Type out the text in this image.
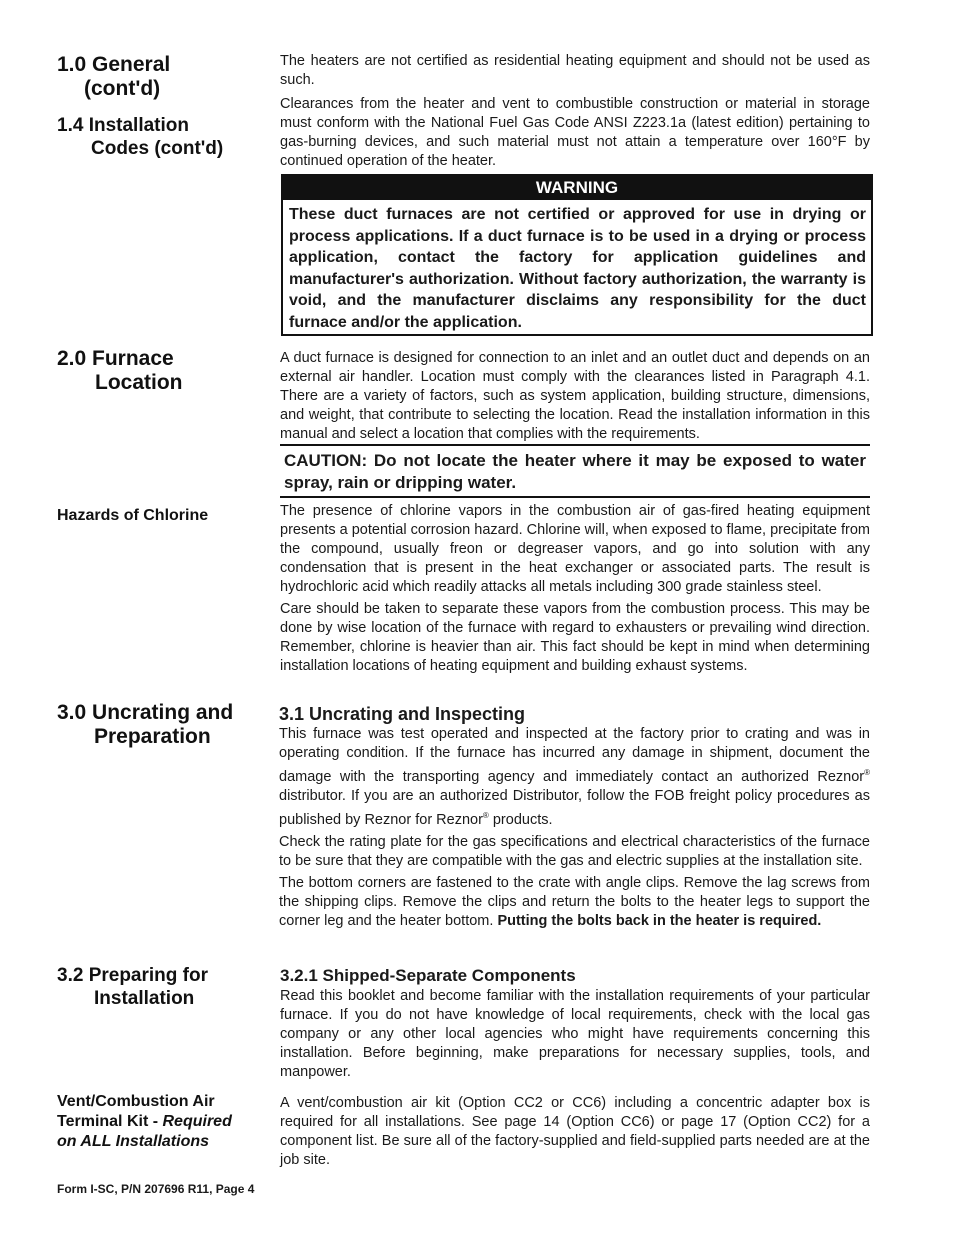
1.0 General
(cont'd)
1.4 Installation
Codes (cont'd)
2.0 Furnace
Location
Hazards of Chlorine
3.0 Uncrating and
Preparation
3.2 Preparing for
Installation
Vent/Combustion Air
Terminal Kit - Required
on ALL Installations

The heaters are not certified as residential heating equipment and should not be used as such.

Clearances from the heater and vent to combustible construction or material in storage must conform with the National Fuel Gas Code ANSI Z223.1a (latest edition) pertaining to gas-burning devices, and such material must not attain a temperature over 160°F by continued operation of the heater.

WARNING

These duct furnaces are not certified or approved for use in drying or process applications. If a duct furnace is to be used in a drying or process application, contact the factory for application guidelines and manufacturer's authorization. Without factory authorization, the warranty is void, and the manufacturer disclaims any responsibility for the duct furnace and/or the application.

A duct furnace is designed for connection to an inlet and an outlet duct and depends on an external air handler. Location must comply with the clearances listed in Paragraph 4.1. There are a variety of factors, such as system application, building structure, dimensions, and weight, that contribute to selecting the location. Read the installation information in this manual and select a location that complies with the requirements.

CAUTION: Do not locate the heater where it may be exposed to water spray, rain or dripping water.

The presence of chlorine vapors in the combustion air of gas-fired heating equipment presents a potential corrosion hazard. Chlorine will, when exposed to flame, precipitate from the compound, usually freon or degreaser vapors, and go into solution with any condensation that is present in the heat exchanger or associated parts. The result is hydrochloric acid which readily attacks all metals including 300 grade stainless steel.

Care should be taken to separate these vapors from the combustion process. This may be done by wise location of the furnace with regard to exhausters or prevailing wind direction. Remember, chlorine is heavier than air. This fact should be kept in mind when determining installation locations of heating equipment and building exhaust systems.

3.1 Uncrating and Inspecting

This furnace was test operated and inspected at the factory prior to crating and was in operating condition. If the furnace has incurred any damage in shipment, document the damage with the transporting agency and immediately contact an authorized Reznor® distributor. If you are an authorized Distributor, follow the FOB freight policy procedures as published by Reznor for Reznor® products.

Check the rating plate for the gas specifications and electrical characteristics of the furnace to be sure that they are compatible with the gas and electric supplies at the installation site.

The bottom corners are fastened to the crate with angle clips. Remove the lag screws from the shipping clips. Remove the clips and return the bolts to the heater legs to support the corner leg and the heater bottom. Putting the bolts back in the heater is required.

3.2.1 Shipped-Separate Components

Read this booklet and become familiar with the installation requirements of your particular furnace. If you do not have knowledge of local requirements, check with the local gas company or any other local agencies who might have requirements concerning this installation. Before beginning, make preparations for necessary supplies, tools, and manpower.

A vent/combustion air kit (Option CC2 or CC6) including a concentric adapter box is required for all installations. See page 14 (Option CC6) or page 17 (Option CC2) for a component list. Be sure all of the factory-supplied and field-supplied parts needed are at the job site.

Form I-SC, P/N 207696 R11, Page 4
